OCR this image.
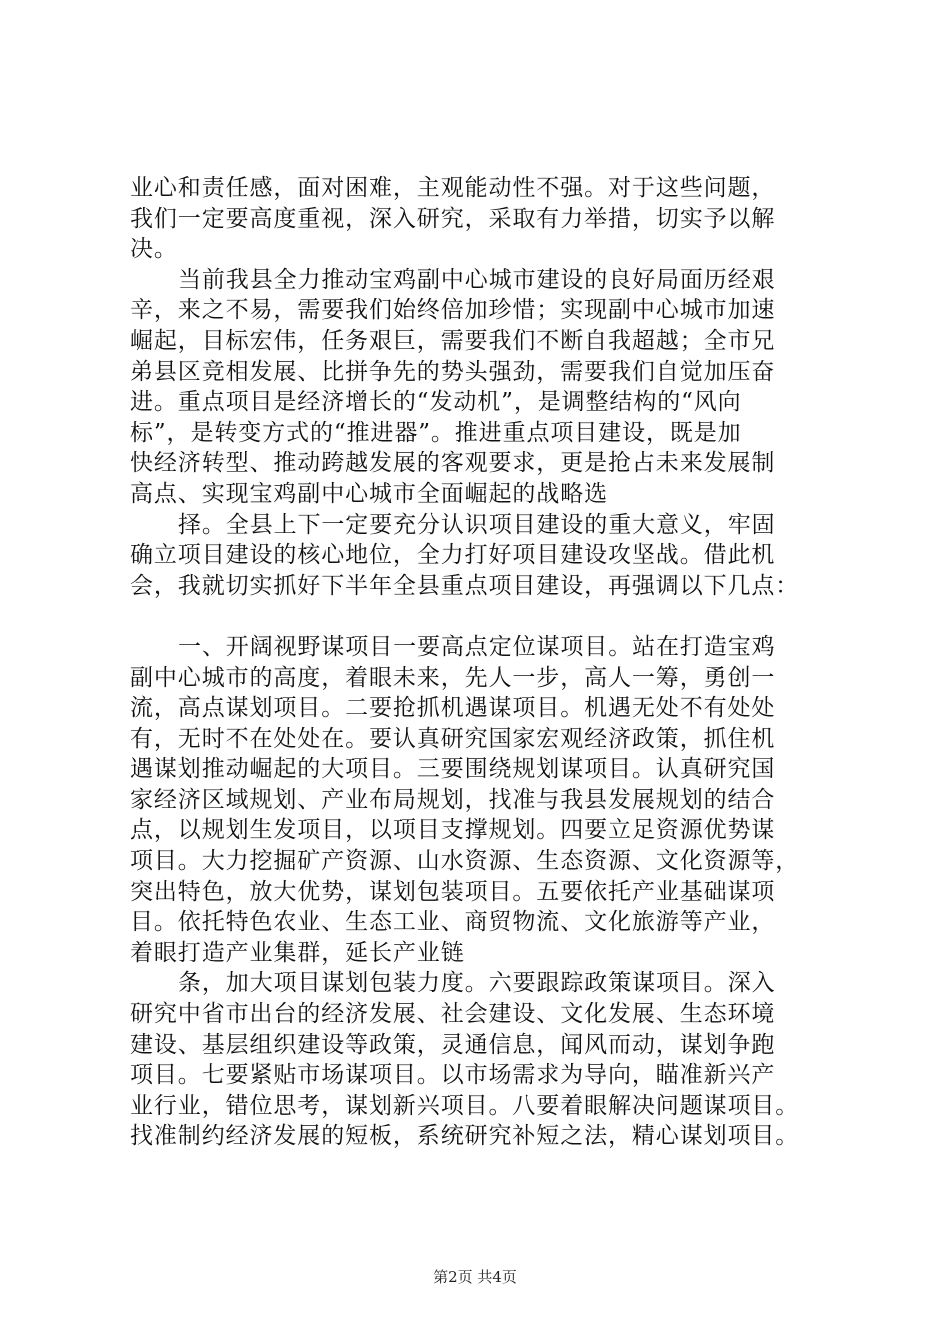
业心和责任感，面对困难，主观能动性不强。对于这些问题，
我们一定要高度重视，深入研究，采取有力举措，切实予以解
决。
当前我县全力推动宝鸡副中心城市建设的良好局面历经艰
辛，来之不易，需要我们始终倍加珍惜；实现副中心城市加速
崛起，目标宏伟，任务艰巨，需要我们不断自我超越；全市兄
弟县区竞相发展、比拼争先的势头强劲，需要我们自觉加压奋
进。重点项目是经济增长的“发动机”，是调整结构的“风向
标”，是转变方式的“推进器”。推进重点项目建设，既是加
快经济转型、推动跨越发展的客观要求，更是抢占未来发展制
高点、实现宝鸡副中心城市全面崛起的战略选
择。全县上下一定要充分认识项目建设的重大意义，牢固
确立项目建设的核心地位，全力打好项目建设攻坚战。借此机
会，我就切实抓好下半年全县重点项目建设，再强调以下几点：
一、开阔视野谋项目一要高点定位谋项目。站在打造宝鸡
副中心城市的高度，着眼未来，先人一步，高人一筹，勇创一
流，高点谋划项目。二要抢抓机遇谋项目。机遇无处不有处处
有，无时不在处处在。要认真研究国家宏观经济政策，抓住机
遇谋划推动崛起的大项目。三要围绕规划谋项目。认真研究国
家经济区域规划、产业布局规划，找准与我县发展规划的结合
点，以规划生发项目，以项目支撑规划。四要立足资源优势谋
项目。大力挖掘矿产资源、山水资源、生态资源、文化资源等，
突出特色，放大优势，谋划包装项目。五要依托产业基础谋项
目。依托特色农业、生态工业、商贸物流、文化旅游等产业，
着眼打造产业集群，延长产业链
条，加大项目谋划包装力度。六要跟踪政策谋项目。深入
研究中省市出台的经济发展、社会建设、文化发展、生态环境
建设、基层组织建设等政策，灵通信息，闻风而动，谋划争跑
项目。七要紧贴市场谋项目。以市场需求为导向，瞄准新兴产
业行业，错位思考，谋划新兴项目。八要着眼解决问题谋项目。
找准制约经济发展的短板，系统研究补短之法，精心谋划项目。
第2页 共4页
